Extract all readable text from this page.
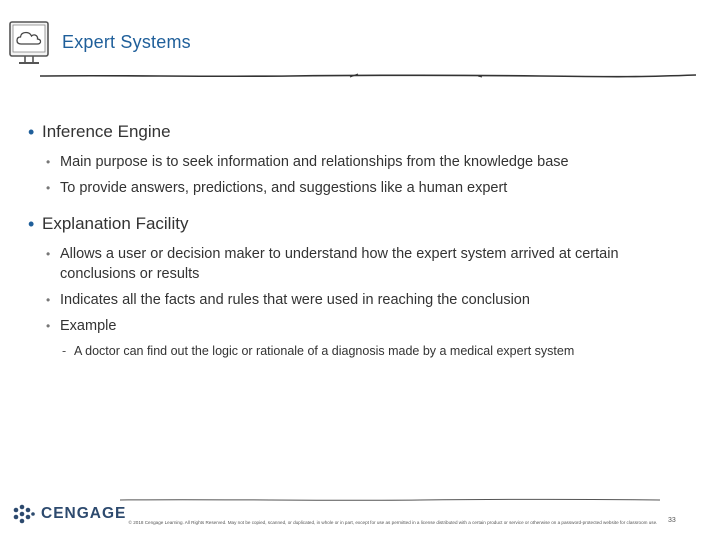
Expert Systems
• Inference Engine
• Main purpose is to seek information and relationships from the knowledge base
• To provide answers, predictions, and suggestions like a human expert
• Explanation Facility
• Allows a user or decision maker to understand how the expert system arrived at certain conclusions or results
• Indicates all the facts and rules that were used in reaching the conclusion
• Example
- A doctor can find out the logic or rationale of a diagnosis made by a medical expert system
CENGAGE
© 2018 Cengage Learning. All Rights Reserved. May not be copied, scanned, or duplicated, in whole or in part, except for use as permitted in a license distributed with a certain product or service or otherwise on a password-protected website for classroom use. 33
